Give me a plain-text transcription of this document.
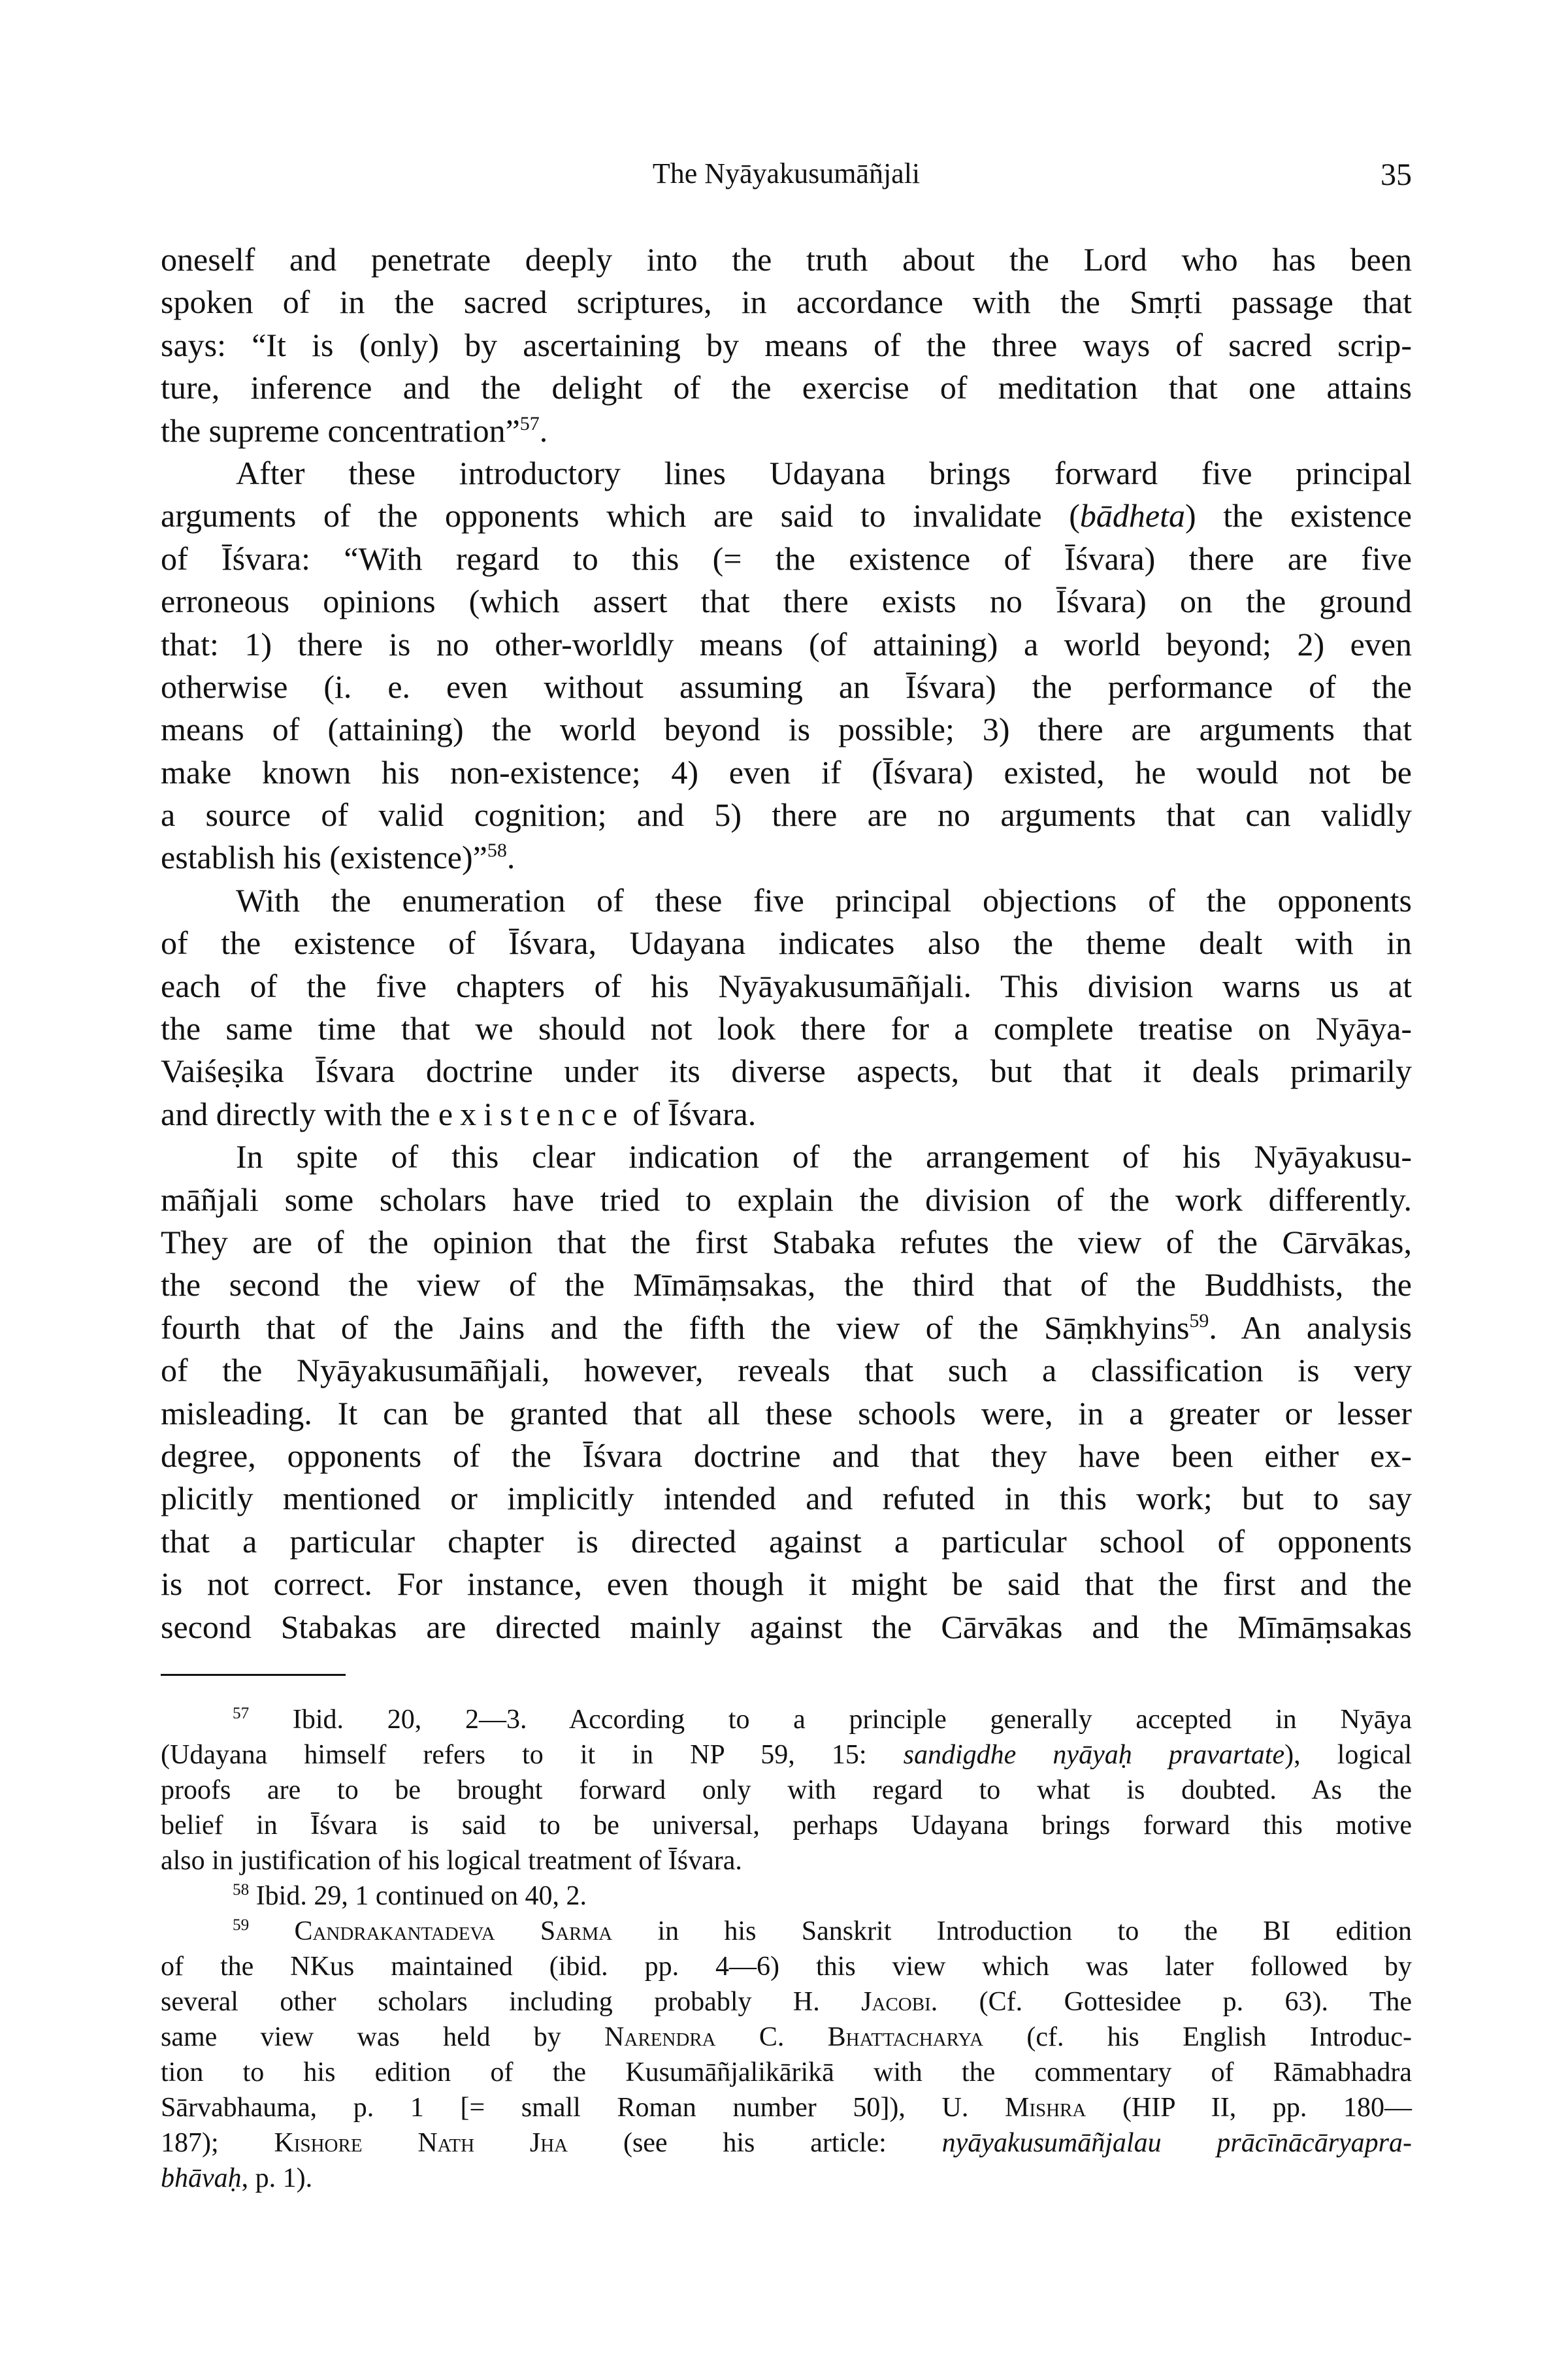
The Nyāyakusumāñjali	35
oneself and penetrate deeply into the truth about the Lord who has been
spoken of in the sacred scriptures, in accordance with the Smṛti passage that
says: “It is (only) by ascertaining by means of the three ways of sacred scrip-
ture, inference and the delight of the exercise of meditation that one attains
the supreme concentration”$^{57}$.
After these introductory lines Udayana brings forward five principal
arguments of the opponents which are said to invalidate (bādheta) the existence
of Īśvara: “With regard to this (= the existence of Īśvara) there are five
erroneous opinions (which assert that there exists no Īśvara) on the ground
that: 1) there is no other-worldly means (of attaining) a world beyond; 2) even
otherwise (i. e. even without assuming an Īśvara) the performance of the
means of (attaining) the world beyond is possible; 3) there are arguments that
make known his non-existence; 4) even if (Īśvara) existed, he would not be
a source of valid cognition; and 5) there are no arguments that can validly
establish his (existence)”$^{58}$.
With the enumeration of these five principal objections of the opponents
of the existence of Īśvara, Udayana indicates also the theme dealt with in
each of the five chapters of his Nyāyakusumāñjali. This division warns us at
the same time that we should not look there for a complete treatise on Nyāya-
Vaiśeṣika Īśvara doctrine under its diverse aspects, but that it deals primarily
and directly with the existence of Īśvara.
In spite of this clear indication of the arrangement of his Nyāyakusu-
māñjali some scholars have tried to explain the division of the work differently.
They are of the opinion that the first Stabaka refutes the view of the Cārvākas,
the second the view of the Mīmāṃsakas, the third that of the Buddhists, the
fourth that of the Jains and the fifth the view of the Sāṃkhyins$^{59}$. An analysis
of the Nyāyakusumāñjali, however, reveals that such a classification is very
misleading. It can be granted that all these schools were, in a greater or lesser
degree, opponents of the Īśvara doctrine and that they have been either ex-
plicitly mentioned or implicitly intended and refuted in this work; but to say
that a particular chapter is directed against a particular school of opponents
is not correct. For instance, even though it might be said that the first and the
second Stabakas are directed mainly against the Cārvākas and the Mīmāṃsakas
$^{57}$ Ibid. 20, 2—3. According to a principle generally accepted in Nyāya
(Udayana himself refers to it in NP 59, 15: sandigdhe nyāyaḥ pravartate), logical
proofs are to be brought forward only with regard to what is doubted. As the
belief in Īśvara is said to be universal, perhaps Udayana brings forward this motive
also in justification of his logical treatment of Īśvara.
$^{58}$ Ibid. 29, 1 continued on 40, 2.
$^{59}$ Candrakantadeva Sarma in his Sanskrit Introduction to the BI edition
of the NKus maintained (ibid. pp. 4—6) this view which was later followed by
several other scholars including probably H. Jacobi. (Cf. Gottesidee p. 63). The
same view was held by Narendra C. Bhattacharya (cf. his English Introduc-
tion to his edition of the Kusumāñjalikārikā with the commentary of Rāmabhadra
Sārvabhauma, p. 1 [= small Roman number 50]), U. Mishra (HIP II, pp. 180—
187); Kishore Nath Jha (see his article: nyāyakusumāñjalau prācīnācāryapra-
bhāvaḥ, p. 1).
